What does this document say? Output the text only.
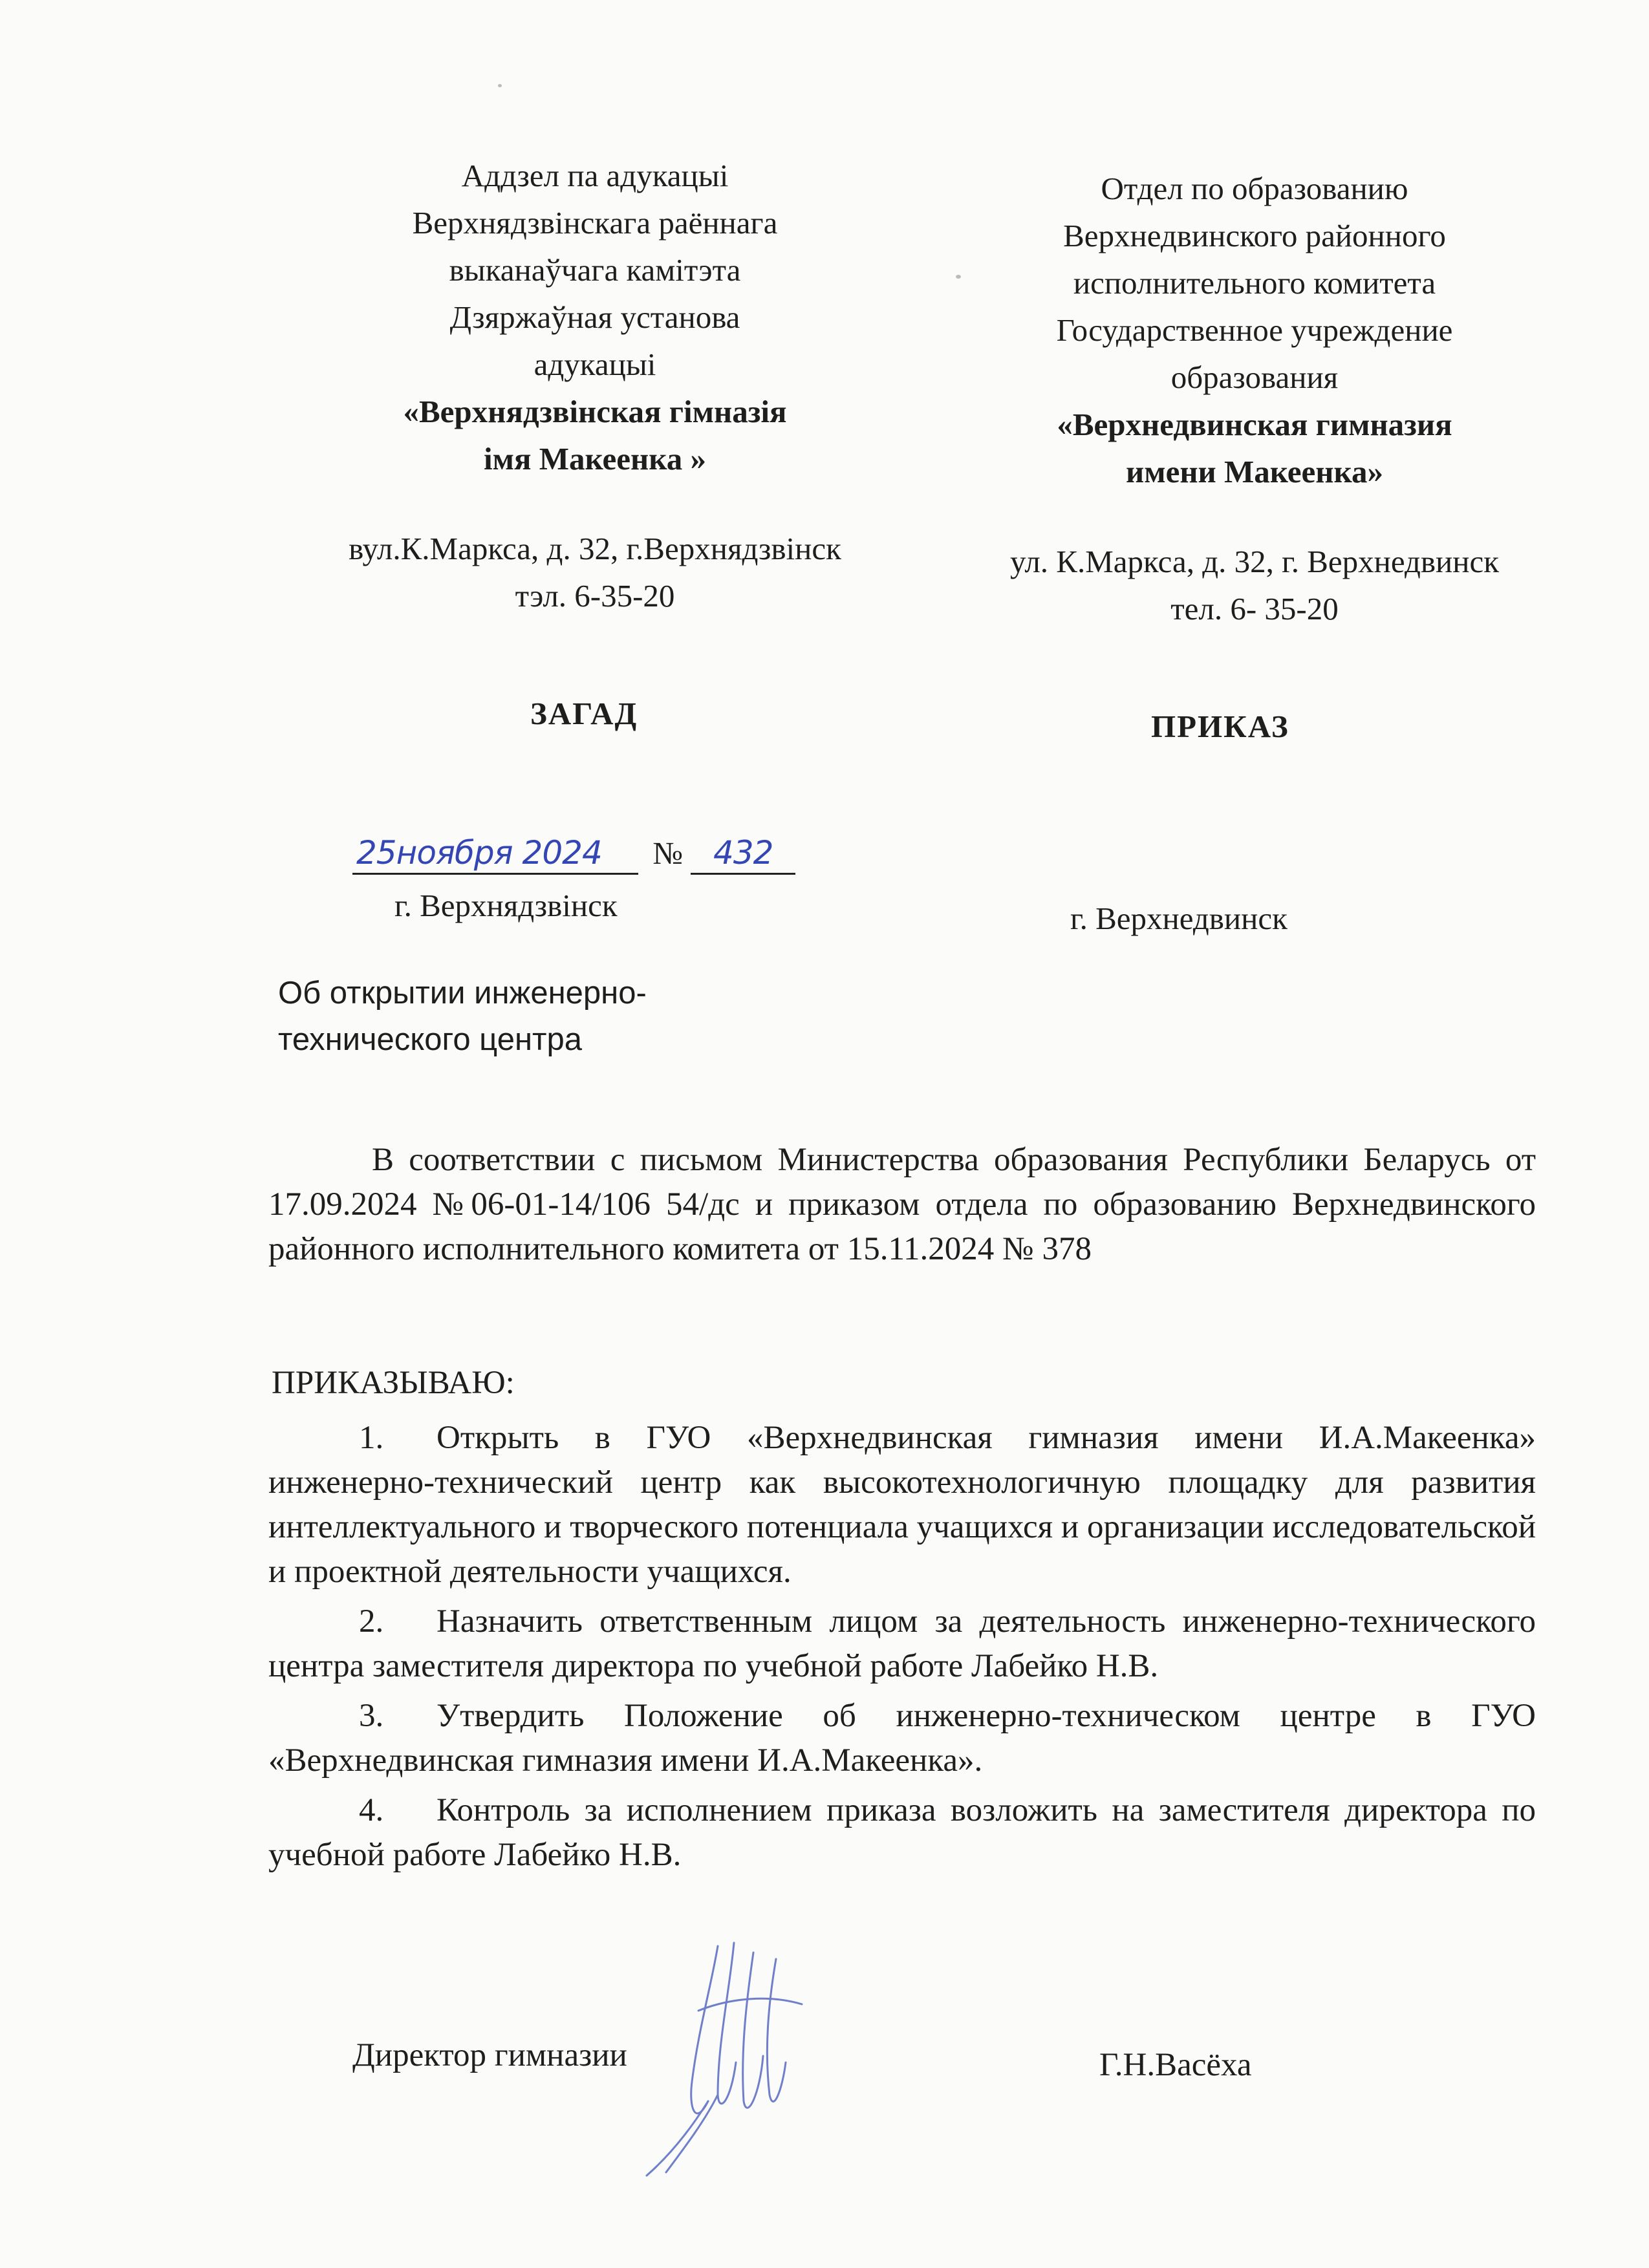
Аддзел па адукацыі
Верхнядзвінскага раённага
выканаўчага камітэта
Дзяржаўная установа
адукацыі
«Верхнядзвінская гімназія
імя Макеенка »
вул.К.Маркса, д. 32, г.Верхнядзвінск
тэл. 6-35-20
Отдел по образованию
Верхнедвинского районного
исполнительного комитета
Государственное учреждение
образования
«Верхнедвинская гимназия
имени Макеенка»
ул. К.Маркса, д. 32, г. Верхнедвинск
тел. 6- 35-20
ЗАГАД	ПРИКАЗ
25ноября 2024 № 432
г. Верхнядзвінск	г. Верхнедвинск
Об открытии инженерно-
технического центра
В соответствии с письмом Министерства образования Республики Беларусь от 17.09.2024 №06-01-14/106 54/дс и приказом отдела по образованию Верхнедвинского районного исполнительного комитета от 15.11.2024 № 378
ПРИКАЗЫВАЮ:
1. Открыть в ГУО «Верхнедвинская гимназия имени И.А.Макеенка» инженерно-технический центр как высокотехнологичную площадку для развития интеллектуального и творческого потенциала учащихся и организации исследовательской и проектной деятельности учащихся.
2. Назначить ответственным лицом за деятельность инженерно-технического центра заместителя директора по учебной работе Лабейко Н.В.
3. Утвердить Положение об инженерно-техническом центре в ГУО «Верхнедвинская гимназия имени И.А.Макеенка».
4. Контроль за исполнением приказа возложить на заместителя директора по учебной работе Лабейко Н.В.
Директор гимназии	Г.Н.Васёха
